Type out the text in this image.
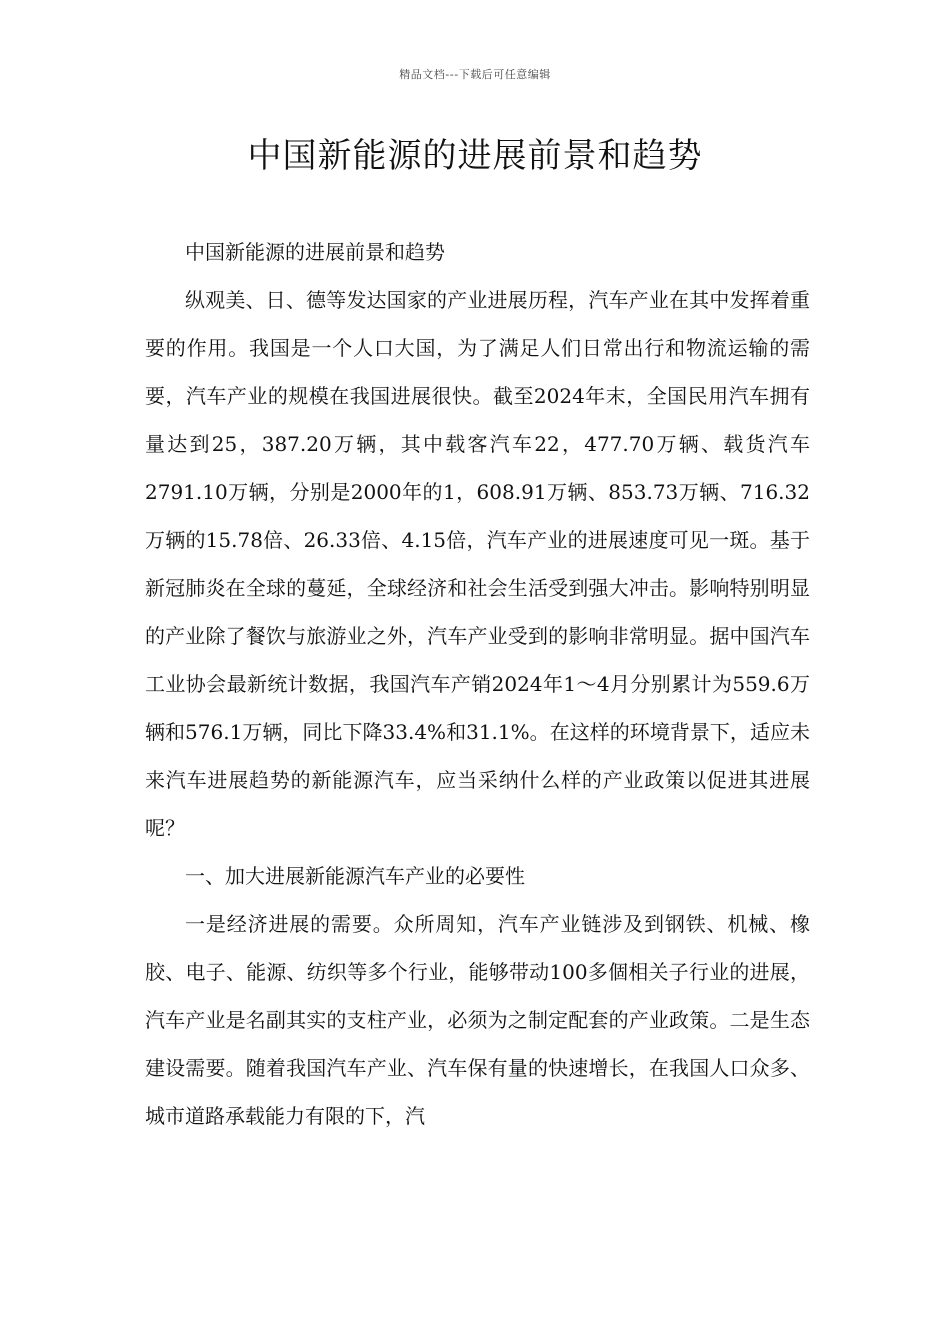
精品文档---下载后可任意编辑
中国新能源的进展前景和趋势

中国新能源的进展前景和趋势

纵观美、日、德等发达国家的产业进展历程，汽车产业在其中发挥着重要的作用。我国是一个人口大国，为了满足人们日常出行和物流运输的需要，汽车产业的规模在我国进展很快。截至2024年末，全国民用汽车拥有量达到25，387.20万辆，其中载客汽车22，477.70万辆、载货汽车2791.10万辆，分别是2000年的1，608.91万辆、853.73万辆、716.32万辆的15.78倍、26.33倍、4.15倍，汽车产业的进展速度可见一斑。基于新冠肺炎在全球的蔓延，全球经济和社会生活受到强大冲击。影响特别明显的产业除了餐饮与旅游业之外，汽车产业受到的影响非常明显。据中国汽车工业协会最新统计数据，我国汽车产销2024年1～4月分别累计为559.6万辆和576.1万辆，同比下降33.4%和31.1%。在这样的环境背景下，适应未来汽车进展趋势的新能源汽车，应当采纳什么样的产业政策以促进其进展呢？

一、加大进展新能源汽车产业的必要性

一是经济进展的需要。众所周知，汽车产业链涉及到钢铁、机械、橡胶、电子、能源、纺织等多个行业，能够带动100多個相关子行业的进展，汽车产业是名副其实的支柱产业，必须为之制定配套的产业政策。二是生态建设需要。随着我国汽车产业、汽车保有量的快速增长，在我国人口众多、城市道路承载能力有限的下，汽
